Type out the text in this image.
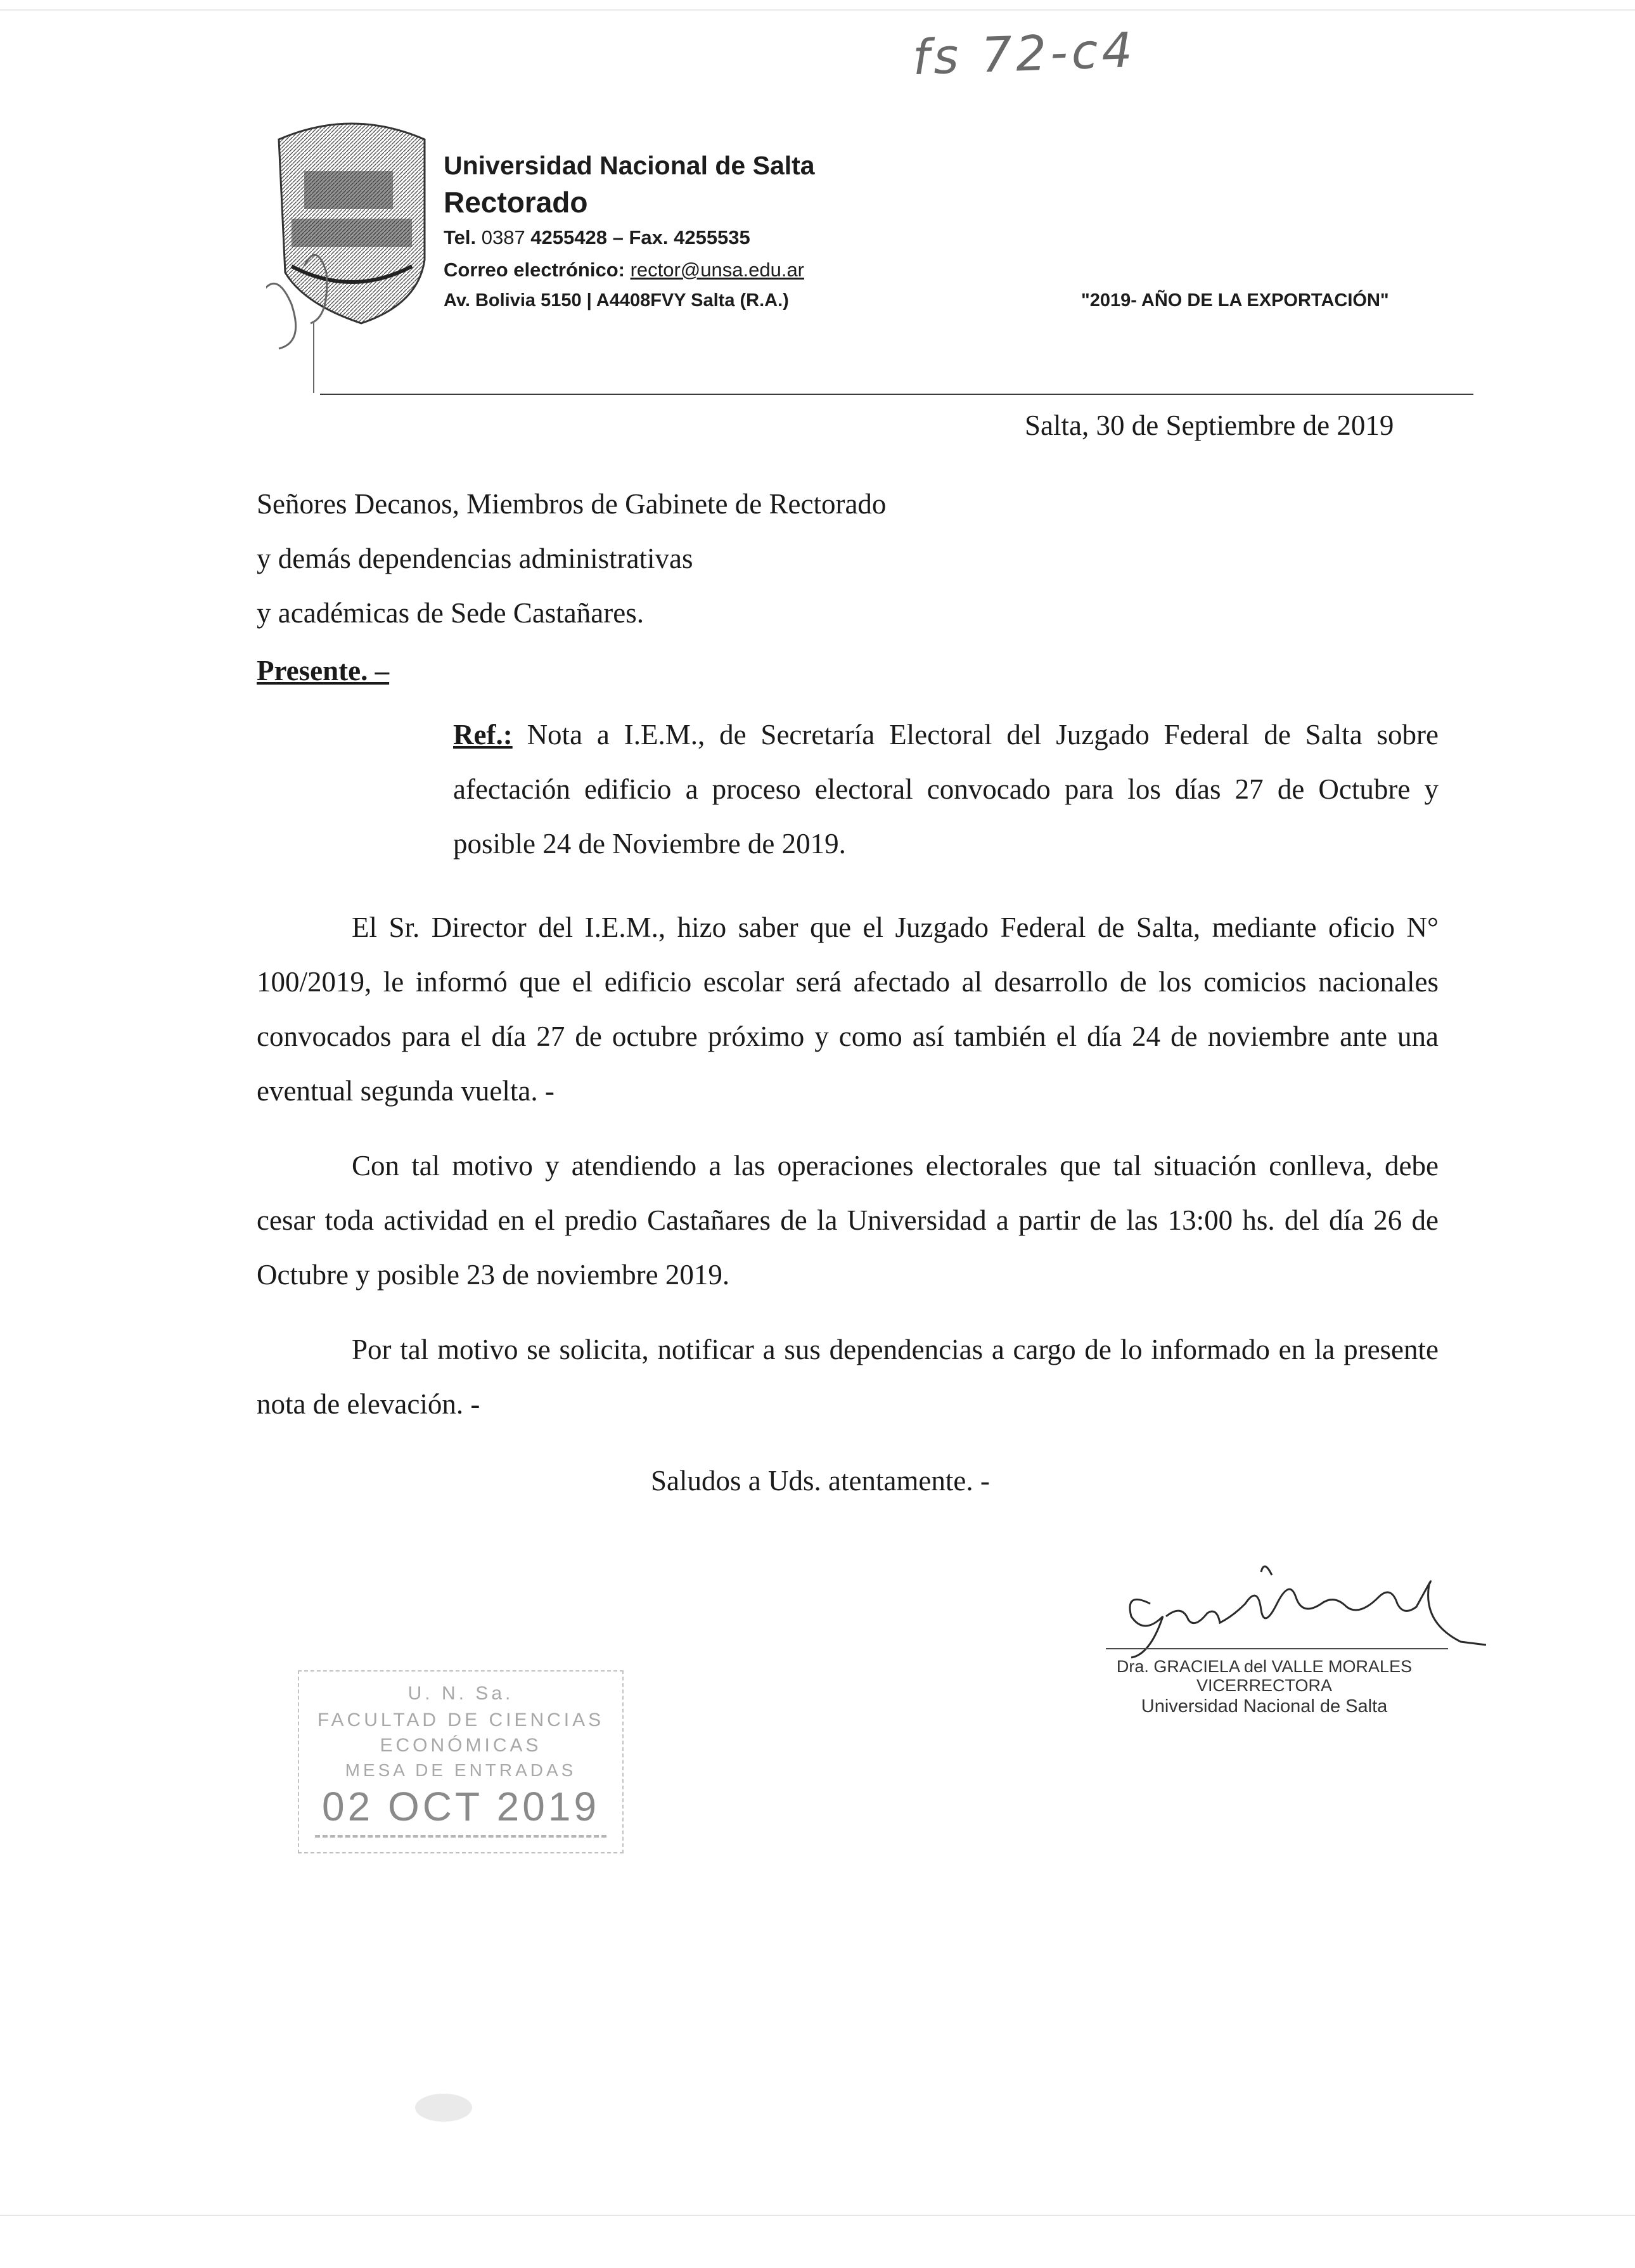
fs 72-c4
Universidad Nacional de Salta
Rectorado
Tel. 0387 4255428 – Fax. 4255535
Correo electrónico: rector@unsa.edu.ar
Av. Bolivia 5150 | A4408FVY Salta (R.A.)	"2019- AÑO DE LA EXPORTACIÓN"
Salta, 30 de Septiembre de 2019
Señores Decanos, Miembros de Gabinete de Rectorado
y demás dependencias administrativas
y académicas de Sede Castañares.
Presente. –
Ref.: Nota a I.E.M., de Secretaría Electoral del Juzgado Federal de Salta sobre afectación edificio a proceso electoral convocado para los días 27 de Octubre y posible 24 de Noviembre de 2019.
El Sr. Director del I.E.M., hizo saber que el Juzgado Federal de Salta, mediante oficio N° 100/2019, le informó que el edificio escolar será afectado al desarrollo de los comicios nacionales convocados para el día 27 de octubre próximo y como así también el día 24 de noviembre ante una eventual segunda vuelta. -
Con tal motivo y atendiendo a las operaciones electorales que tal situación conlleva, debe cesar toda actividad en el predio Castañares de la Universidad a partir de las 13:00 hs. del día 26 de Octubre y posible 23 de noviembre 2019.
Por tal motivo se solicita, notificar a sus dependencias a cargo de lo informado en la presente nota de elevación. -
Saludos a Uds. atentamente. -
Dra. GRACIELA del VALLE MORALES
VICERRECTORA
Universidad Nacional de Salta
U. N. Sa.
FACULTAD DE CIENCIAS
ECONÓMICAS
MESA DE ENTRADAS
02 OCT 2019
